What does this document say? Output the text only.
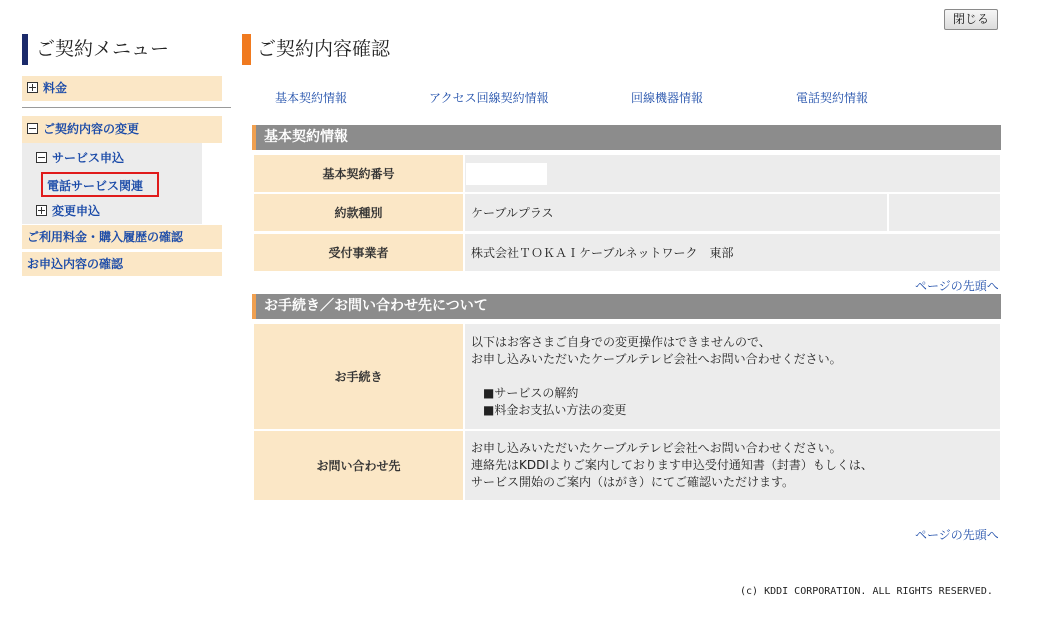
閉じる
ご契約メニュー
料金
ご契約内容の変更
サービス申込
電話サービス関連
変更申込
ご利用料金・購入履歴の確認
お申込内容の確認
ご契約内容確認
基本契約情報	アクセス回線契約情報	回線機器情報	電話契約情報
基本契約情報
基本契約番号
約款種別	ケーブルプラス
受付事業者	株式会社ＴＯＫＡＩケーブルネットワーク　東部
ページの先頭へ
お手続き／お問い合わせ先について
お手続き
以下はお客さまご自身での変更操作はできませんので、
お申し込みいただいたケーブルテレビ会社へお問い合わせください。
　■サービスの解約
　■料金お支払い方法の変更
お問い合わせ先
お申し込みいただいたケーブルテレビ会社へお問い合わせください。
連絡先はKDDIよりご案内しております申込受付通知書（封書）もしくは、
サービス開始のご案内（はがき）にてご確認いただけます。
ページの先頭へ
(c) KDDI CORPORATION. ALL RIGHTS RESERVED.
